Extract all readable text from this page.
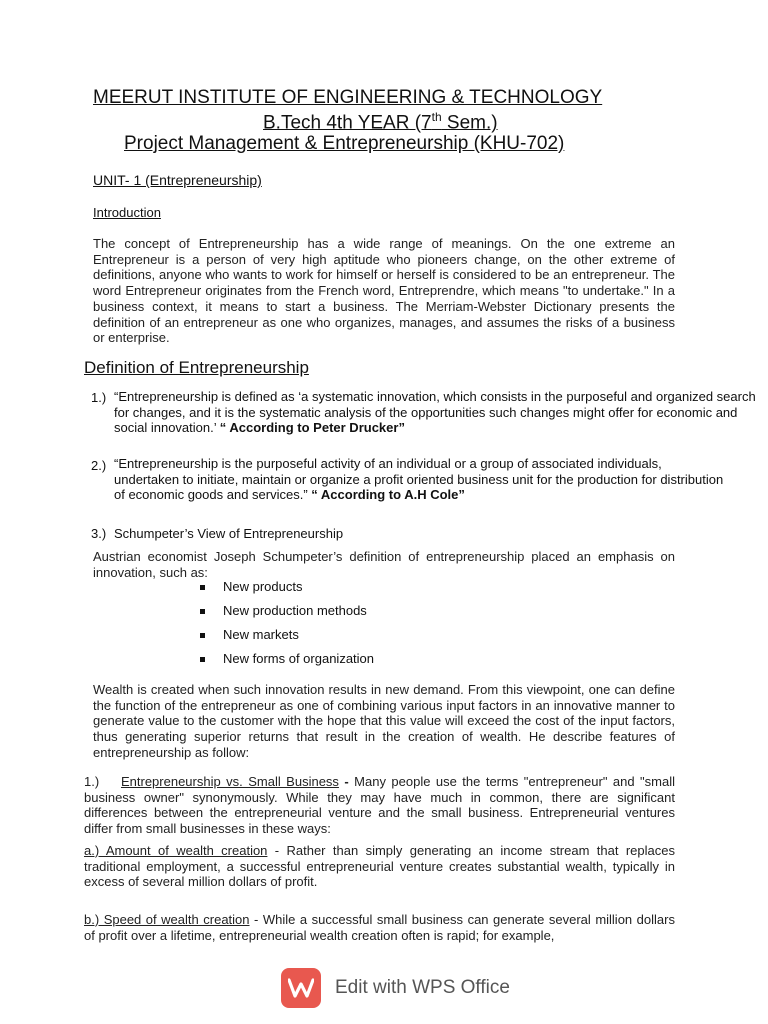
MEERUT INSTITUTE OF ENGINEERING & TECHNOLOGY
B.Tech 4th YEAR (7th Sem.)
Project Management & Entrepreneurship (KHU-702)
UNIT- 1 (Entrepreneurship)
Introduction
The concept of Entrepreneurship has a wide range of meanings. On the one extreme an Entrepreneur is a person of very high aptitude who pioneers change, on the other extreme of definitions, anyone who wants to work for himself or herself is considered to be an entrepreneur. The word Entrepreneur originates from the French word, Entreprendre, which means "to undertake." In a business context, it means to start a business. The Merriam-Webster Dictionary presents the definition of an entrepreneur as one who organizes, manages, and assumes the risks of a business or enterprise.
Definition of Entrepreneurship
1.) “Entrepreneurship is defined as ‘a systematic innovation, which consists in the purposeful and organized search for changes, and it is the systematic analysis of the opportunities such changes might offer for economic and social innovation.’ “ According to Peter Drucker”
2.) “Entrepreneurship is the purposeful activity of an individual or a group of associated individuals, undertaken to initiate, maintain or organize a profit oriented business unit for the production for distribution of economic goods and services.” “ According to A.H Cole”
3.) Schumpeter’s View of Entrepreneurship
Austrian economist Joseph Schumpeter’s definition of entrepreneurship placed an emphasis on innovation, such as:
New products
New production methods
New markets
New forms of organization
Wealth is created when such innovation results in new demand. From this viewpoint, one can define the function of the entrepreneur as one of combining various input factors in an innovative manner to generate value to the customer with the hope that this value will exceed the cost of the input factors, thus generating superior returns that result in the creation of wealth. He describe features of entrepreneurship as follow:
1.) Entrepreneurship vs. Small Business - Many people use the terms "entrepreneur" and "small business owner" synonymously. While they may have much in common, there are significant differences between the entrepreneurial venture and the small business. Entrepreneurial ventures differ from small businesses in these ways:
a.) Amount of wealth creation - Rather than simply generating an income stream that replaces traditional employment, a successful entrepreneurial venture creates substantial wealth, typically in excess of several million dollars of profit.
b.) Speed of wealth creation - While a successful small business can generate several million dollars of profit over a lifetime, entrepreneurial wealth creation often is rapid; for example,
Edit with WPS Office
